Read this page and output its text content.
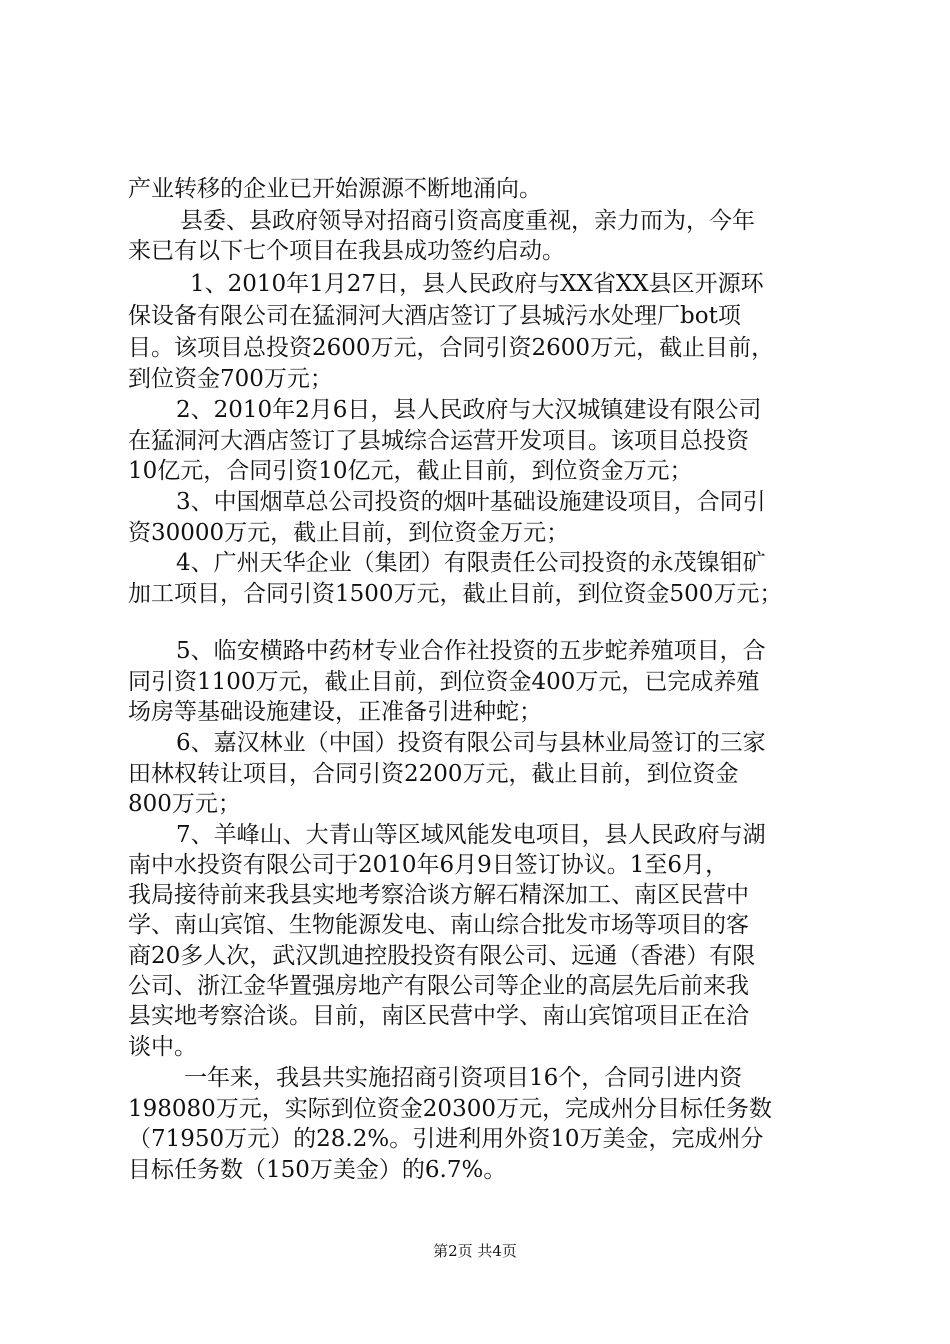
产业转移的企业已开始源源不断地涌向。
县委、县政府领导对招商引资高度重视，亲力而为，今年
来已有以下七个项目在我县成功签约启动。
1、2010年1月27日，县人民政府与XX省XX县区开源环
保设备有限公司在猛洞河大酒店签订了县城污水处理厂bot项
目。该项目总投资2600万元，合同引资2600万元，截止目前，
到位资金700万元；
2、2010年2月6日，县人民政府与大汉城镇建设有限公司
在猛洞河大酒店签订了县城综合运营开发项目。该项目总投资
10亿元，合同引资10亿元，截止目前，到位资金万元；
3、中国烟草总公司投资的烟叶基础设施建设项目，合同引
资30000万元，截止目前，到位资金万元；
4、广州天华企业（集团）有限责任公司投资的永茂镍钼矿
加工项目，合同引资1500万元，截止目前，到位资金500万元；
5、临安横路中药材专业合作社投资的五步蛇养殖项目，合
同引资1100万元，截止目前，到位资金400万元，已完成养殖
场房等基础设施建设，正准备引进种蛇；
6、嘉汉林业（中国）投资有限公司与县林业局签订的三家
田林权转让项目，合同引资2200万元，截止目前，到位资金
800万元；
7、羊峰山、大青山等区域风能发电项目，县人民政府与湖
南中水投资有限公司于2010年6月9日签订协议。1至6月，
我局接待前来我县实地考察洽谈方解石精深加工、南区民营中
学、南山宾馆、生物能源发电、南山综合批发市场等项目的客
商20多人次，武汉凯迪控股投资有限公司、远通（香港）有限
公司、浙江金华置强房地产有限公司等企业的高层先后前来我
县实地考察洽谈。目前，南区民营中学、南山宾馆项目正在洽
谈中。
一年来，我县共实施招商引资项目16个，合同引进内资
198080万元，实际到位资金20300万元，完成州分目标任务数
（71950万元）的28.2%。引进利用外资10万美金，完成州分
目标任务数（150万美金）的6.7%。
第2页 共4页
